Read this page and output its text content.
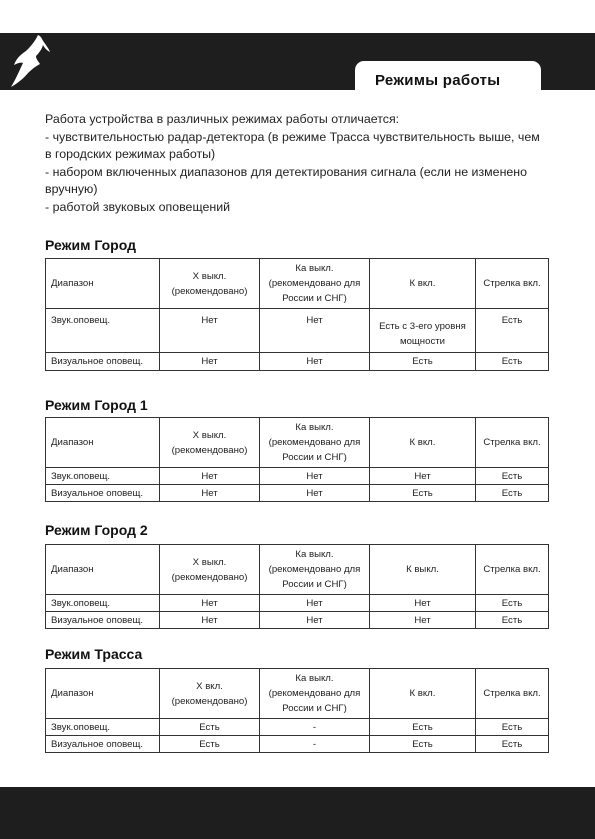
Режимы работы
Работа устройства в различных режимах работы отличается:
- чувствительностью радар-детектора (в режиме Трасса чувствительность выше, чем
в городских режимах работы)
- набором включенных диапазонов для детектирования сигнала (если не изменено
вручную)
- работой звуковых оповещений
Режим Город
Диапазон	X выкл. (рекомендовано)	Ка выкл. (рекомендовано для России и СНГ)	К вкл.	Стрелка вкл.
Звук.оповещ.	Нет	Нет	Есть с 3-его уровня мощности	Есть
Визуальное оповещ.	Нет	Нет	Есть	Есть
Режим Город 1
Диапазон	X выкл. (рекомендовано)	Ка выкл. (рекомендовано для России и СНГ)	К вкл.	Стрелка вкл.
Звук.оповещ.	Нет	Нет	Нет	Есть
Визуальное оповещ.	Нет	Нет	Есть	Есть
Режим Город 2
Диапазон	X выкл. (рекомендовано)	Ка выкл. (рекомендовано для России и СНГ)	К выкл.	Стрелка вкл.
Звук.оповещ.	Нет	Нет	Нет	Есть
Визуальное оповещ.	Нет	Нет	Нет	Есть
Режим Трасса
Диапазон	X вкл. (рекомендовано)	Ка выкл. (рекомендовано для России и СНГ)	К вкл.	Стрелка вкл.
Звук.оповещ.	Есть	-	Есть	Есть
Визуальное оповещ.	Есть	-	Есть	Есть
